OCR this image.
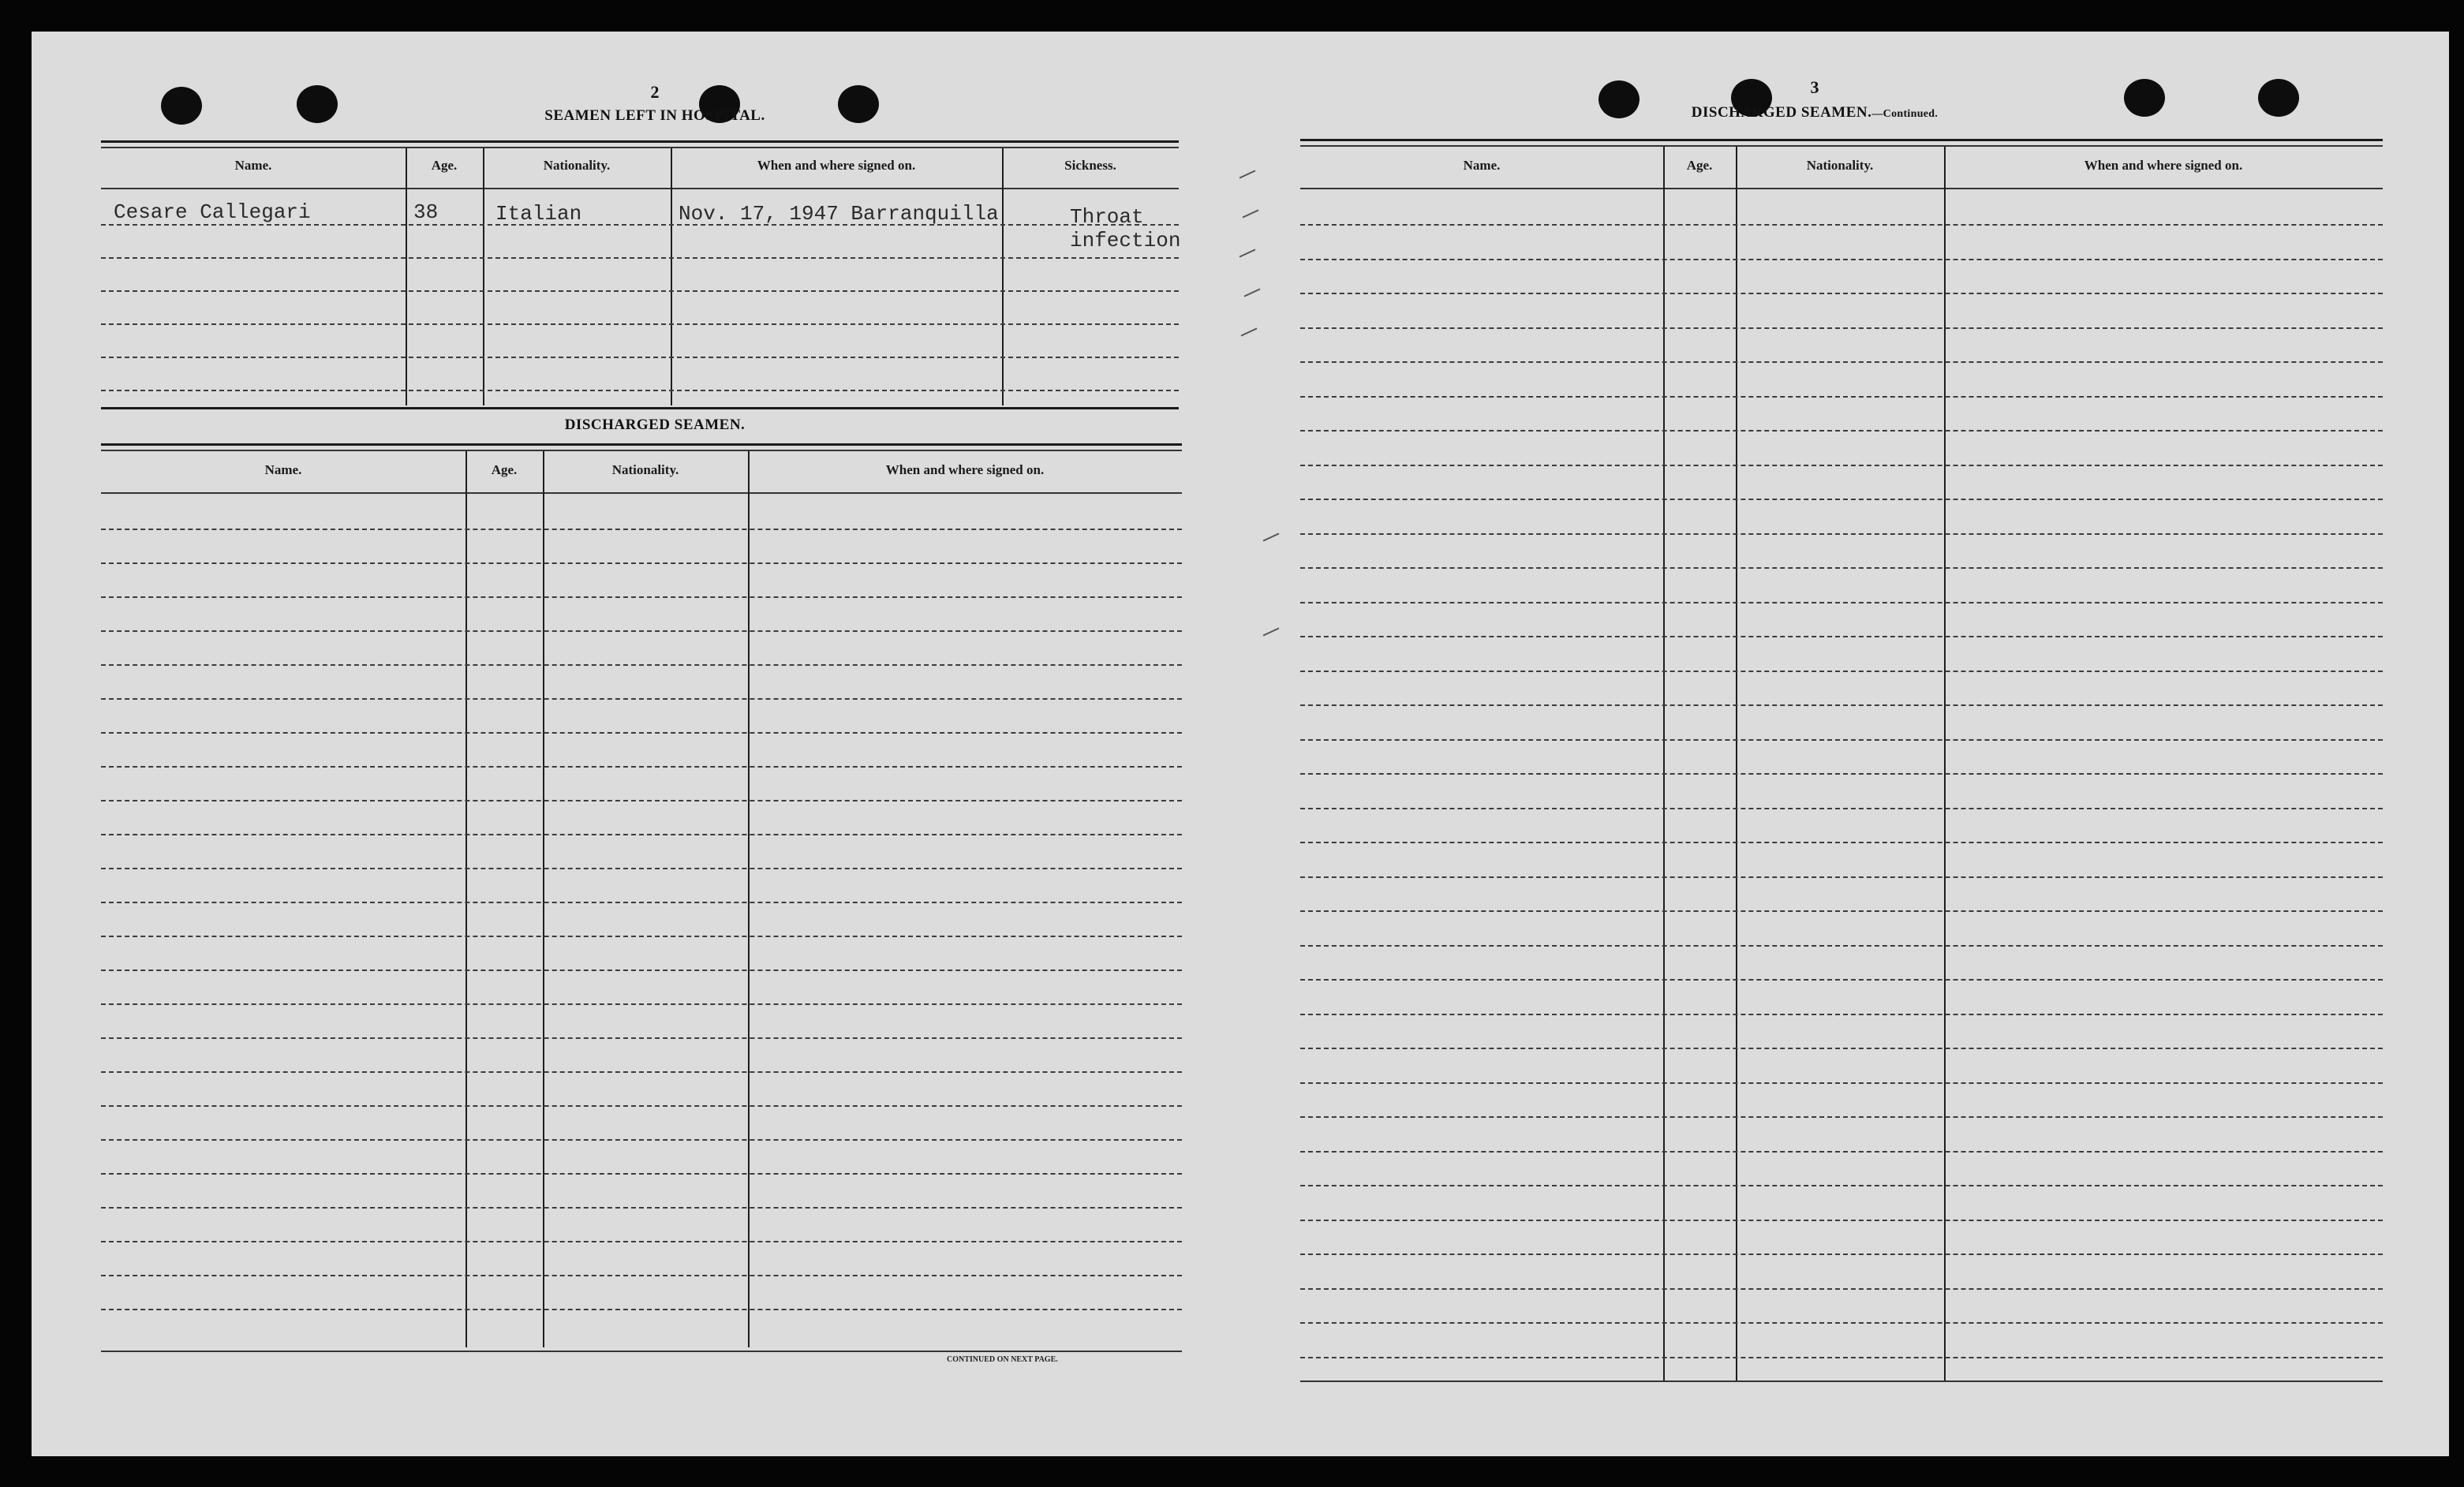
2
SEAMEN LEFT IN HOSPITAL.
Name.	Age.	Nationality.	When and where signed on.	Sickness.
Cesare Callegari	38	Italian	Nov. 17, 1947 Barranquilla	Throat
infection
DISCHARGED SEAMEN.
Name.	Age.	Nationality.	When and where signed on.
CONTINUED ON NEXT PAGE.
3
DISCHARGED SEAMEN.—Continued.
Name.	Age.	Nationality.	When and where signed on.
